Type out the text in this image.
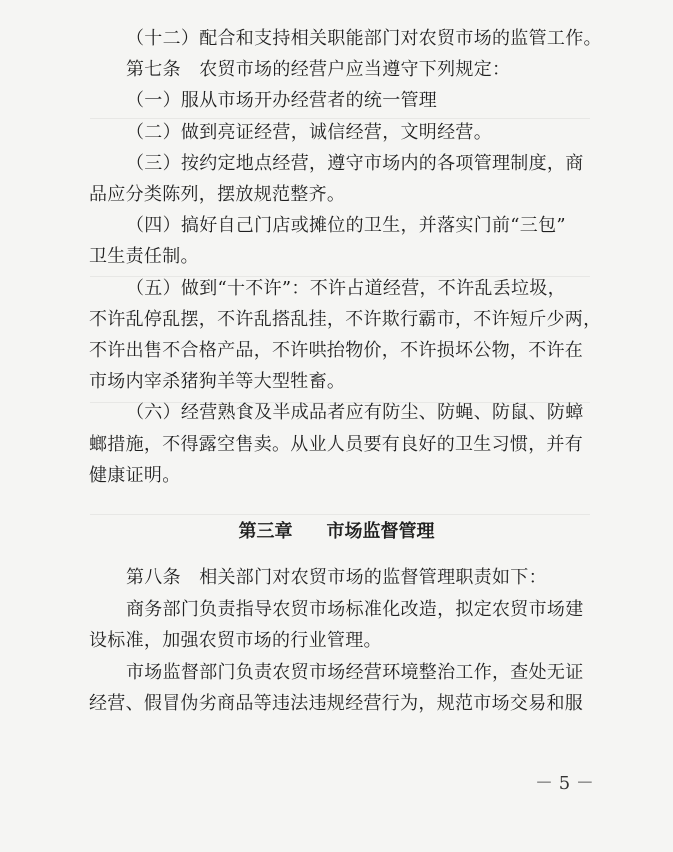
（十二）配合和支持相关职能部门对农贸市场的监管工作。
第七条　农贸市场的经营户应当遵守下列规定：
（一）服从市场开办经营者的统一管理
（二）做到亮证经营，诚信经营，文明经营。
（三）按约定地点经营，遵守市场内的各项管理制度，商
品应分类陈列，摆放规范整齐。
（四）搞好自己门店或摊位的卫生，并落实门前“三包”
卫生责任制。
（五）做到“十不许”：不许占道经营，不许乱丢垃圾，
不许乱停乱摆，不许乱搭乱挂，不许欺行霸市，不许短斤少两，
不许出售不合格产品，不许哄抬物价，不许损坏公物，不许在
市场内宰杀猪狗羊等大型牲畜。
（六）经营熟食及半成品者应有防尘、防蝇、防鼠、防蟑
螂措施，不得露空售卖。从业人员要有良好的卫生习惯，并有
健康证明。
第三章 市场监督管理
第八条　相关部门对农贸市场的监督管理职责如下：
商务部门负责指导农贸市场标准化改造，拟定农贸市场建
设标准，加强农贸市场的行业管理。
市场监督部门负责农贸市场经营环境整治工作，查处无证
经营、假冒伪劣商品等违法违规经营行为，规范市场交易和服
－ 5 －
